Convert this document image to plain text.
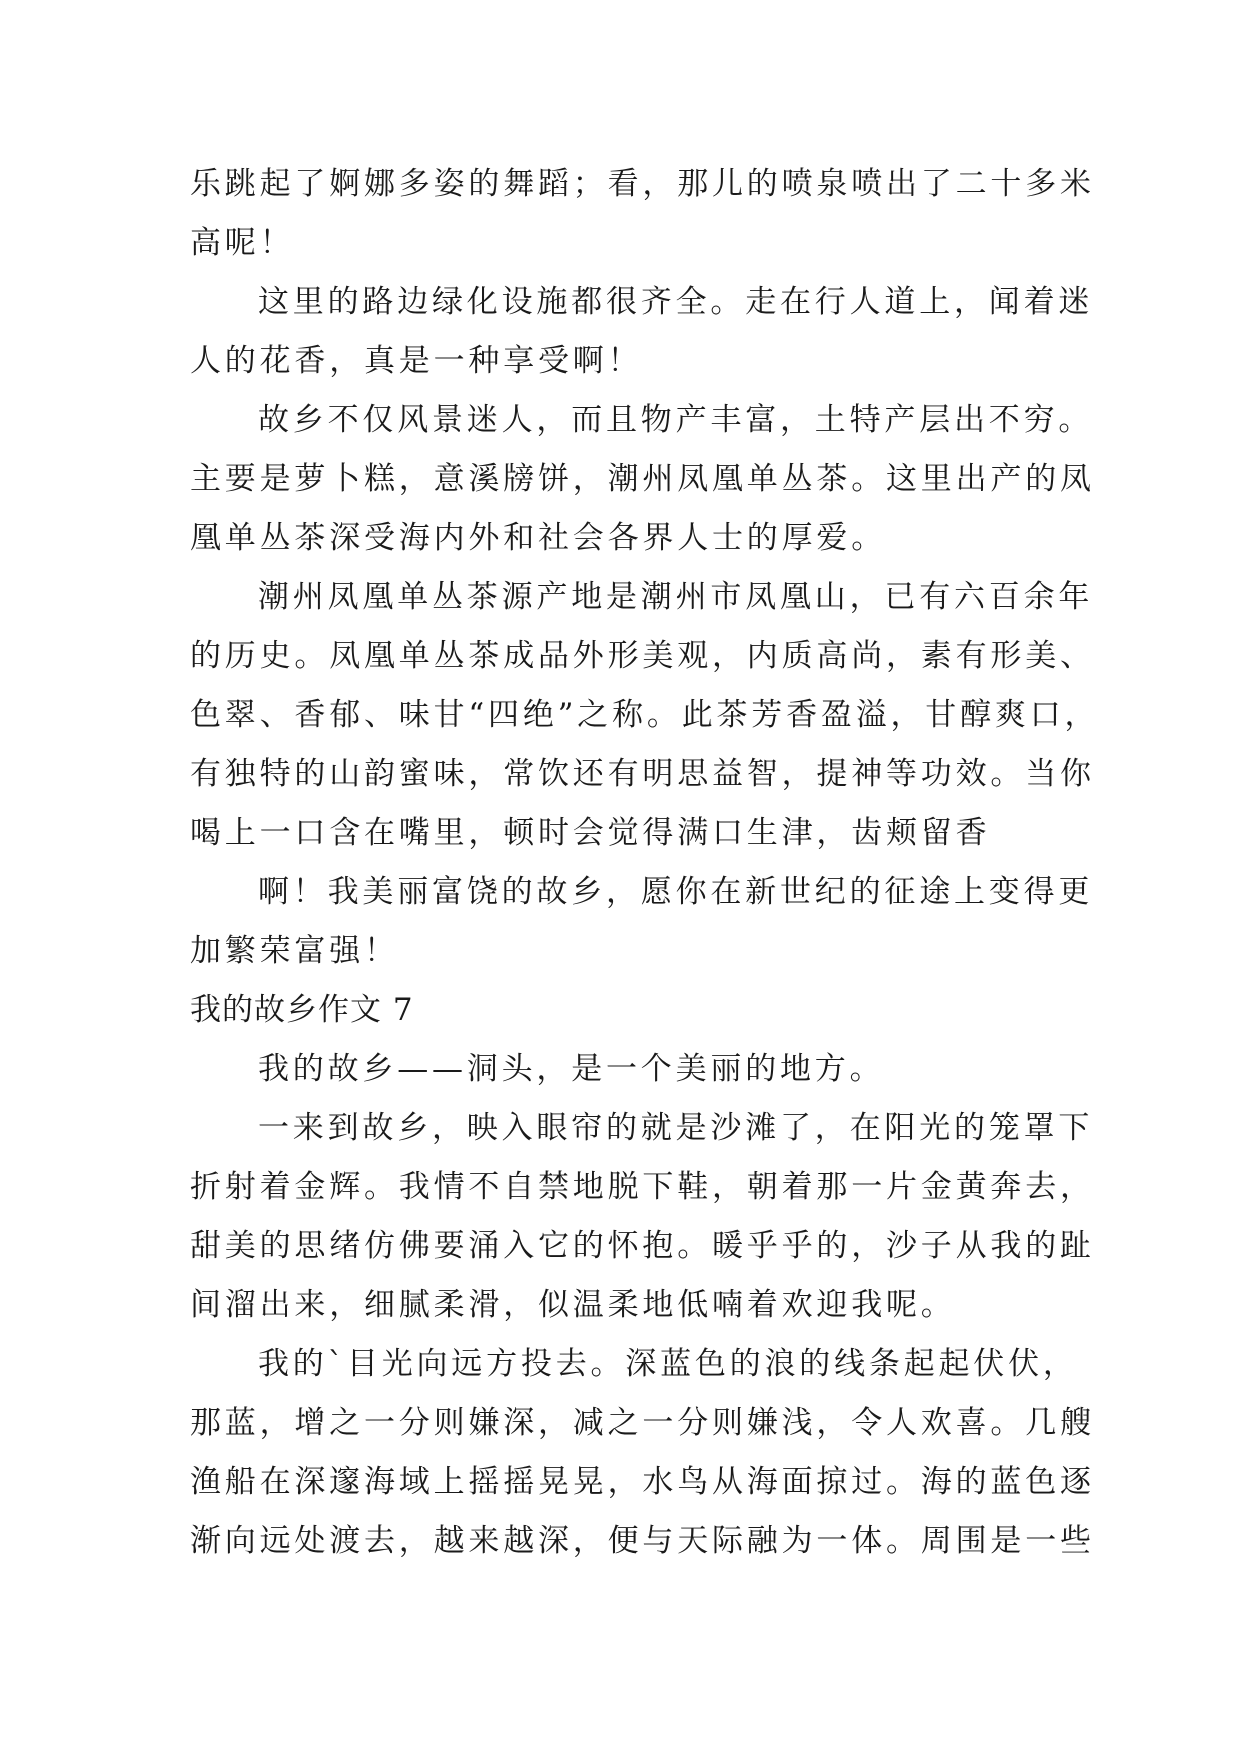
乐跳起了婀娜多姿的舞蹈；看，那儿的喷泉喷出了二十多米
高呢！
这里的路边绿化设施都很齐全。走在行人道上，闻着迷
人的花香，真是一种享受啊！
故乡不仅风景迷人，而且物产丰富，土特产层出不穷。
主要是萝卜糕，意溪牓饼，潮州凤凰单丛茶。这里出产的凤
凰单丛茶深受海内外和社会各界人士的厚爱。
潮州凤凰单丛茶源产地是潮州市凤凰山，已有六百余年
的历史。凤凰单丛茶成品外形美观，内质高尚，素有形美、
色翠、香郁、味甘“四绝”之称。此茶芳香盈溢，甘醇爽口，
有独特的山韵蜜味，常饮还有明思益智，提神等功效。当你
喝上一口含在嘴里，顿时会觉得满口生津，齿颊留香
啊！我美丽富饶的故乡，愿你在新世纪的征途上变得更
加繁荣富强！
我的故乡作文 7
我的故乡——洞头，是一个美丽的地方。
一来到故乡，映入眼帘的就是沙滩了，在阳光的笼罩下
折射着金辉。我情不自禁地脱下鞋，朝着那一片金黄奔去，
甜美的思绪仿佛要涌入它的怀抱。暖乎乎的，沙子从我的趾
间溜出来，细腻柔滑，似温柔地低喃着欢迎我呢。
我的`目光向远方投去。深蓝色的浪的线条起起伏伏，
那蓝，增之一分则嫌深，减之一分则嫌浅，令人欢喜。几艘
渔船在深邃海域上摇摇晃晃，水鸟从海面掠过。海的蓝色逐
渐向远处渡去，越来越深，便与天际融为一体。周围是一些
